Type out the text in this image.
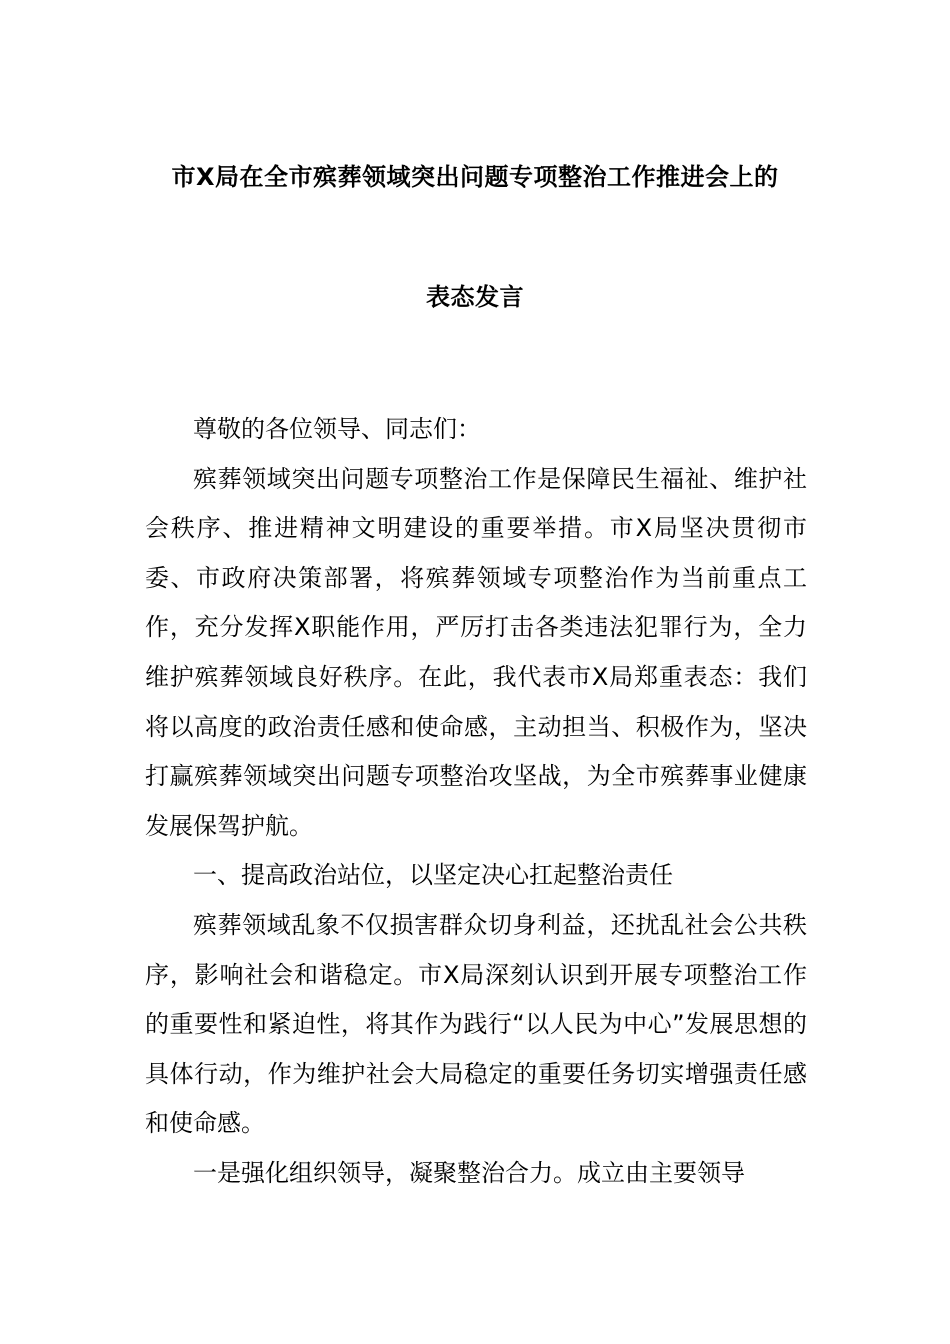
市X局在全市殡葬领域突出问题专项整治工作推进会上的
表态发言

尊敬的各位领导、同志们：

殡葬领域突出问题专项整治工作是保障民生福祉、维护社会秩序、推进精神文明建设的重要举措。市X局坚决贯彻市委、市政府决策部署，将殡葬领域专项整治作为当前重点工作，充分发挥X职能作用，严厉打击各类违法犯罪行为，全力维护殡葬领域良好秩序。在此，我代表市X局郑重表态：我们将以高度的政治责任感和使命感，主动担当、积极作为，坚决打赢殡葬领域突出问题专项整治攻坚战，为全市殡葬事业健康发展保驾护航。

一、提高政治站位，以坚定决心扛起整治责任

殡葬领域乱象不仅损害群众切身利益，还扰乱社会公共秩序，影响社会和谐稳定。市X局深刻认识到开展专项整治工作的重要性和紧迫性，将其作为践行“以人民为中心”发展思想的具体行动，作为维护社会大局稳定的重要任务切实增强责任感和使命感。

一是强化组织领导，凝聚整治合力。成立由主要领导
